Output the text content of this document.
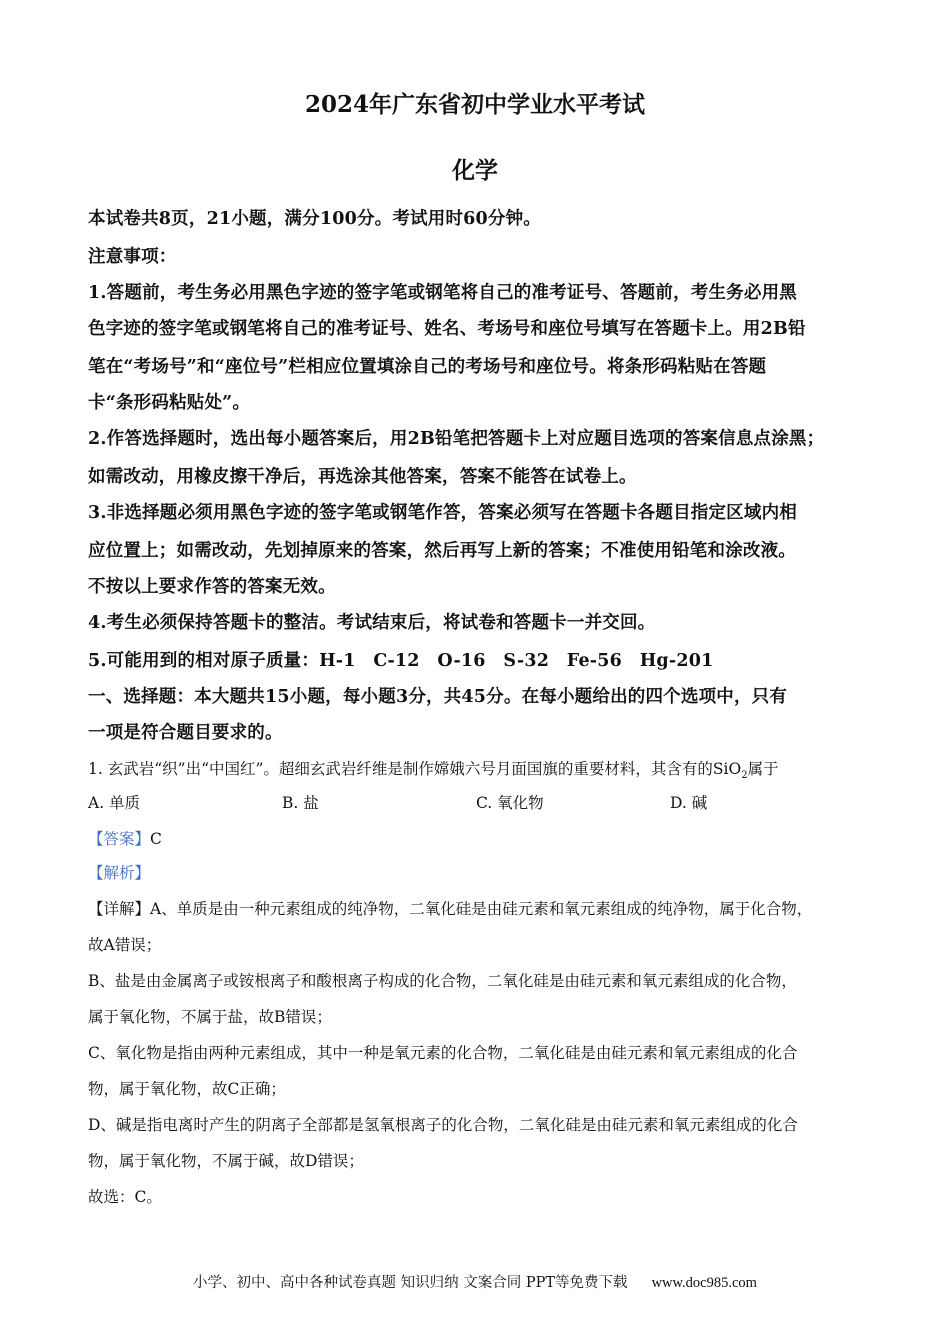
2024年广东省初中学业水平考试
化学
本试卷共8页，21小题，满分100分。考试用时60分钟。
注意事项：
1.答题前，考生务必用黑色字迹的签字笔或钢笔将自己的准考证号、答题前，考生务必用黑
色字迹的签字笔或钢笔将自己的准考证号、姓名、考场号和座位号填写在答题卡上。用2B铅
笔在“考场号”和“座位号”栏相应位置填涂自己的考场号和座位号。将条形码粘贴在答题
卡“条形码粘贴处”。
2.作答选择题时，选出每小题答案后，用2B铅笔把答题卡上对应题目选项的答案信息点涂黑；
如需改动，用橡皮擦干净后，再选涂其他答案，答案不能答在试卷上。
3.非选择题必须用黑色字迹的签字笔或钢笔作答，答案必须写在答题卡各题目指定区域内相
应位置上；如需改动，先划掉原来的答案，然后再写上新的答案；不准使用铅笔和涂改液。
不按以上要求作答的答案无效。
4.考生必须保持答题卡的整洁。考试结束后，将试卷和答题卡一并交回。
5.可能用到的相对原子质量：H-1　C-12　O-16　S-32　Fe-56　Hg-201
一、选择题：本大题共15小题，每小题3分，共45分。在每小题给出的四个选项中，只有
一项是符合题目要求的。
1. 玄武岩“织”出“中国红”。超细玄武岩纤维是制作嫦娥六号月面国旗的重要材料，其含有的SiO$_2$属于
A. 单质	B. 盐	C. 氧化物	D. 碱
【答案】C
【解析】
【详解】A、单质是由一种元素组成的纯净物，二氧化硅是由硅元素和氧元素组成的纯净物，属于化合物，
故A错误；
B、盐是由金属离子或铵根离子和酸根离子构成的化合物，二氧化硅是由硅元素和氧元素组成的化合物，
属于氧化物，不属于盐，故B错误；
C、氧化物是指由两种元素组成，其中一种是氧元素的化合物，二氧化硅是由硅元素和氧元素组成的化合
物，属于氧化物，故C正确；
D、碱是指电离时产生的阴离子全部都是氢氧根离子的化合物，二氧化硅是由硅元素和氧元素组成的化合
物，属于氧化物，不属于碱，故D错误；
故选：C。
小学、初中、高中各种试卷真题 知识归纳 文案合同 PPT等免费下载 www.doc985.com
